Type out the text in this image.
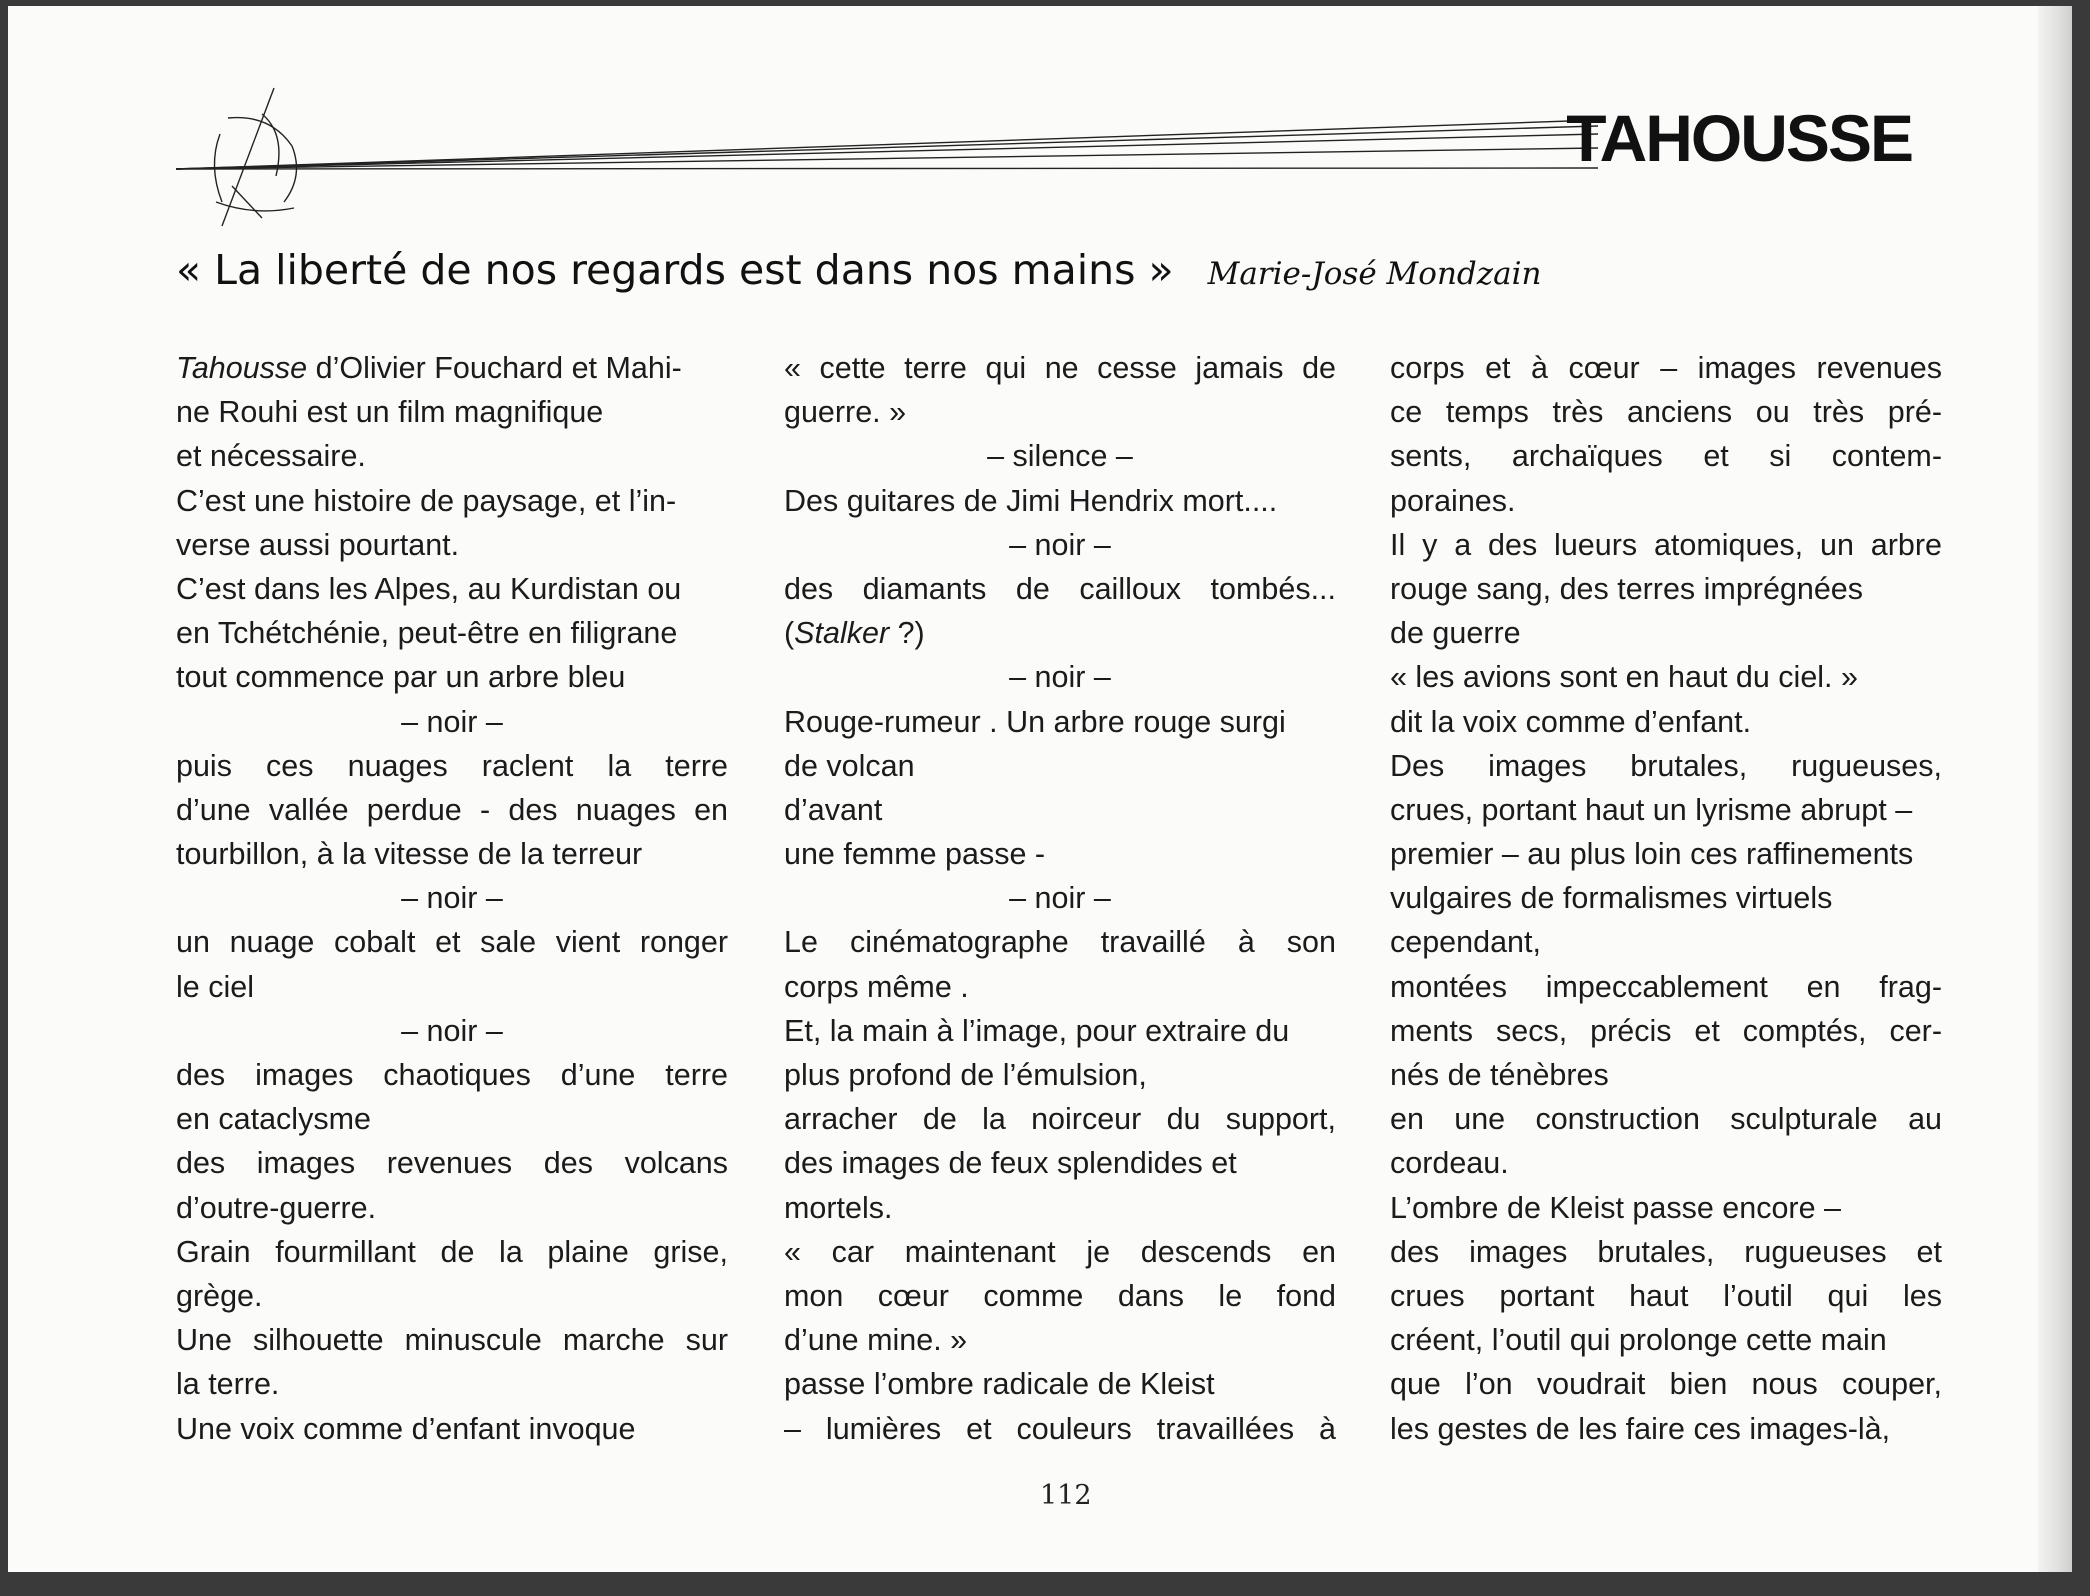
TAHOUSSE
« La liberté de nos regards est dans nos mains » Marie-José Mondzain
Tahousse d’Olivier Fouchard et Mahi-
ne Rouhi est un film magnifique
et nécessaire.
C’est une histoire de paysage, et l’in-
verse aussi pourtant.
C’est dans les Alpes, au Kurdistan ou
en Tchétchénie, peut-être en filigrane
tout commence par un arbre bleu
– noir –
puis ces nuages raclent la terre
d’une vallée perdue - des nuages en
tourbillon, à la vitesse de la terreur
– noir –
un nuage cobalt et sale vient ronger
le ciel
– noir –
des images chaotiques d’une terre
en cataclysme
des images revenues des volcans
d’outre-guerre.
Grain fourmillant de la plaine grise,
grège.
Une silhouette minuscule marche sur
la terre.
Une voix comme d’enfant invoque
« cette terre qui ne cesse jamais de
guerre. »
– silence –
Des guitares de Jimi Hendrix mort....
– noir –
des diamants de cailloux tombés...
(Stalker ?)
– noir –
Rouge-rumeur . Un arbre rouge surgi
de volcan
d’avant
une femme passe -
– noir –
Le cinématographe travaillé à son
corps même .
Et, la main à l’image, pour extraire du
plus profond de l’émulsion,
arracher de la noirceur du support,
des images de feux splendides et
mortels.
« car maintenant je descends en
mon cœur comme dans le fond
d’une mine. »
passe l’ombre radicale de Kleist
– lumières et couleurs travaillées à
corps et à cœur – images revenues
ce temps très anciens ou très pré-
sents, archaïques et si contem-
poraines.
Il y a des lueurs atomiques, un arbre
rouge sang, des terres imprégnées
de guerre
« les avions sont en haut du ciel. »
dit la voix comme d’enfant.
Des images brutales, rugueuses,
crues, portant haut un lyrisme abrupt –
premier – au plus loin ces raffinements
vulgaires de formalismes virtuels
cependant,
montées impeccablement en frag-
ments secs, précis et comptés, cer-
nés de ténèbres
en une construction sculpturale au
cordeau.
L’ombre de Kleist passe encore –
des images brutales, rugueuses et
crues portant haut l’outil qui les
créent, l’outil qui prolonge cette main
que l’on voudrait bien nous couper,
les gestes de les faire ces images-là,
112
